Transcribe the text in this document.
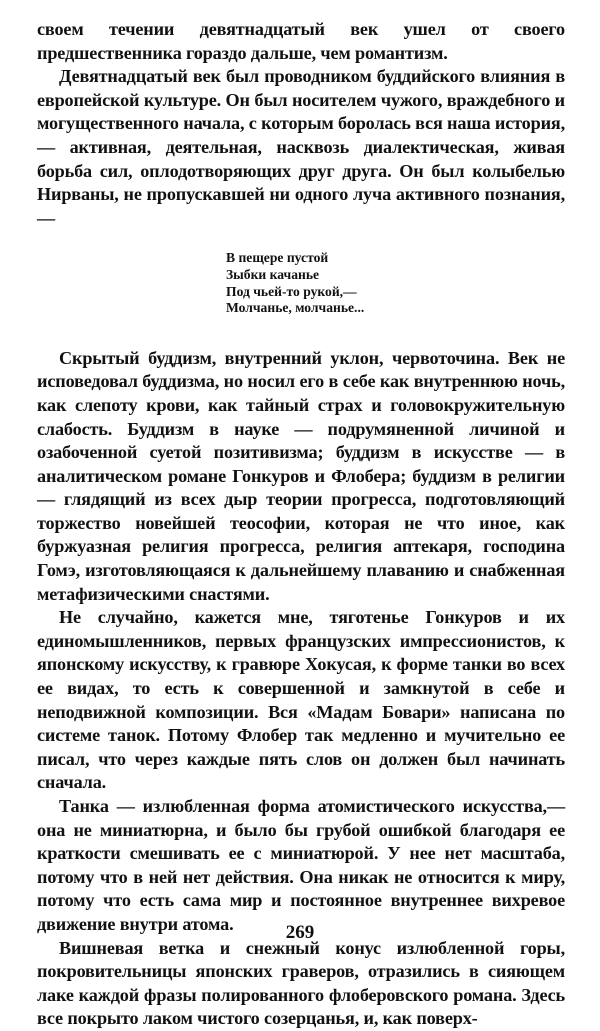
своем течении девятнадцатый век ушел от своего предшественника гораздо дальше, чем романтизм.

Девятнадцатый век был проводником буддийского влияния в европейской культуре. Он был носителем чужого, враждебного и могущественного начала, с которым боролась вся наша история,— активная, деятельная, насквозь диалектическая, живая борьба сил, оплодотворяющих друг друга. Он был колыбелью Нирваны, не пропускавшей ни одного луча активного познания,—

В пещере пустой
Зыбки качанье
Под чьей-то рукой,—
Молчанье, молчанье...

Скрытый буддизм, внутренний уклон, червоточина. Век не исповедовал буддизма, но носил его в себе как внутреннюю ночь, как слепоту крови, как тайный страх и головокружительную слабость. Буддизм в науке — подрумяненной личиной и озабоченной суетой позитивизма; буддизм в искусстве — в аналитическом романе Гонкуров и Флобера; буддизм в религии — глядящий из всех дыр теории прогресса, подготовляющий торжество новейшей теософии, которая не что иное, как буржуазная религия прогресса, религия аптекаря, господина Гомэ, изготовляющаяся к дальнейшему плаванию и снабженная метафизическими снастями.

Не случайно, кажется мне, тяготенье Гонкуров и их единомышленников, первых французских импрессионистов, к японскому искусству, к гравюре Хокусая, к форме танки во всех ее видах, то есть к совершенной и замкнутой в себе и неподвижной композиции. Вся «Мадам Бовари» написана по системе танок. Потому Флобер так медленно и мучительно ее писал, что через каждые пять слов он должен был начинать сначала.

Танка — излюбленная форма атомистического искусства,— она не миниатюрна, и было бы грубой ошибкой благодаря ее краткости смешивать ее с миниатюрой. У нее нет масштаба, потому что в ней нет действия. Она никак не относится к миру, потому что есть сама мир и постоянное внутреннее вихревое движение внутри атома.

Вишневая ветка и снежный конус излюбленной горы, покровительницы японских граверов, отразились в сияющем лаке каждой фразы полированного флоберовского романа. Здесь все покрыто лаком чистого созерцанья, и, как поверх-

269
